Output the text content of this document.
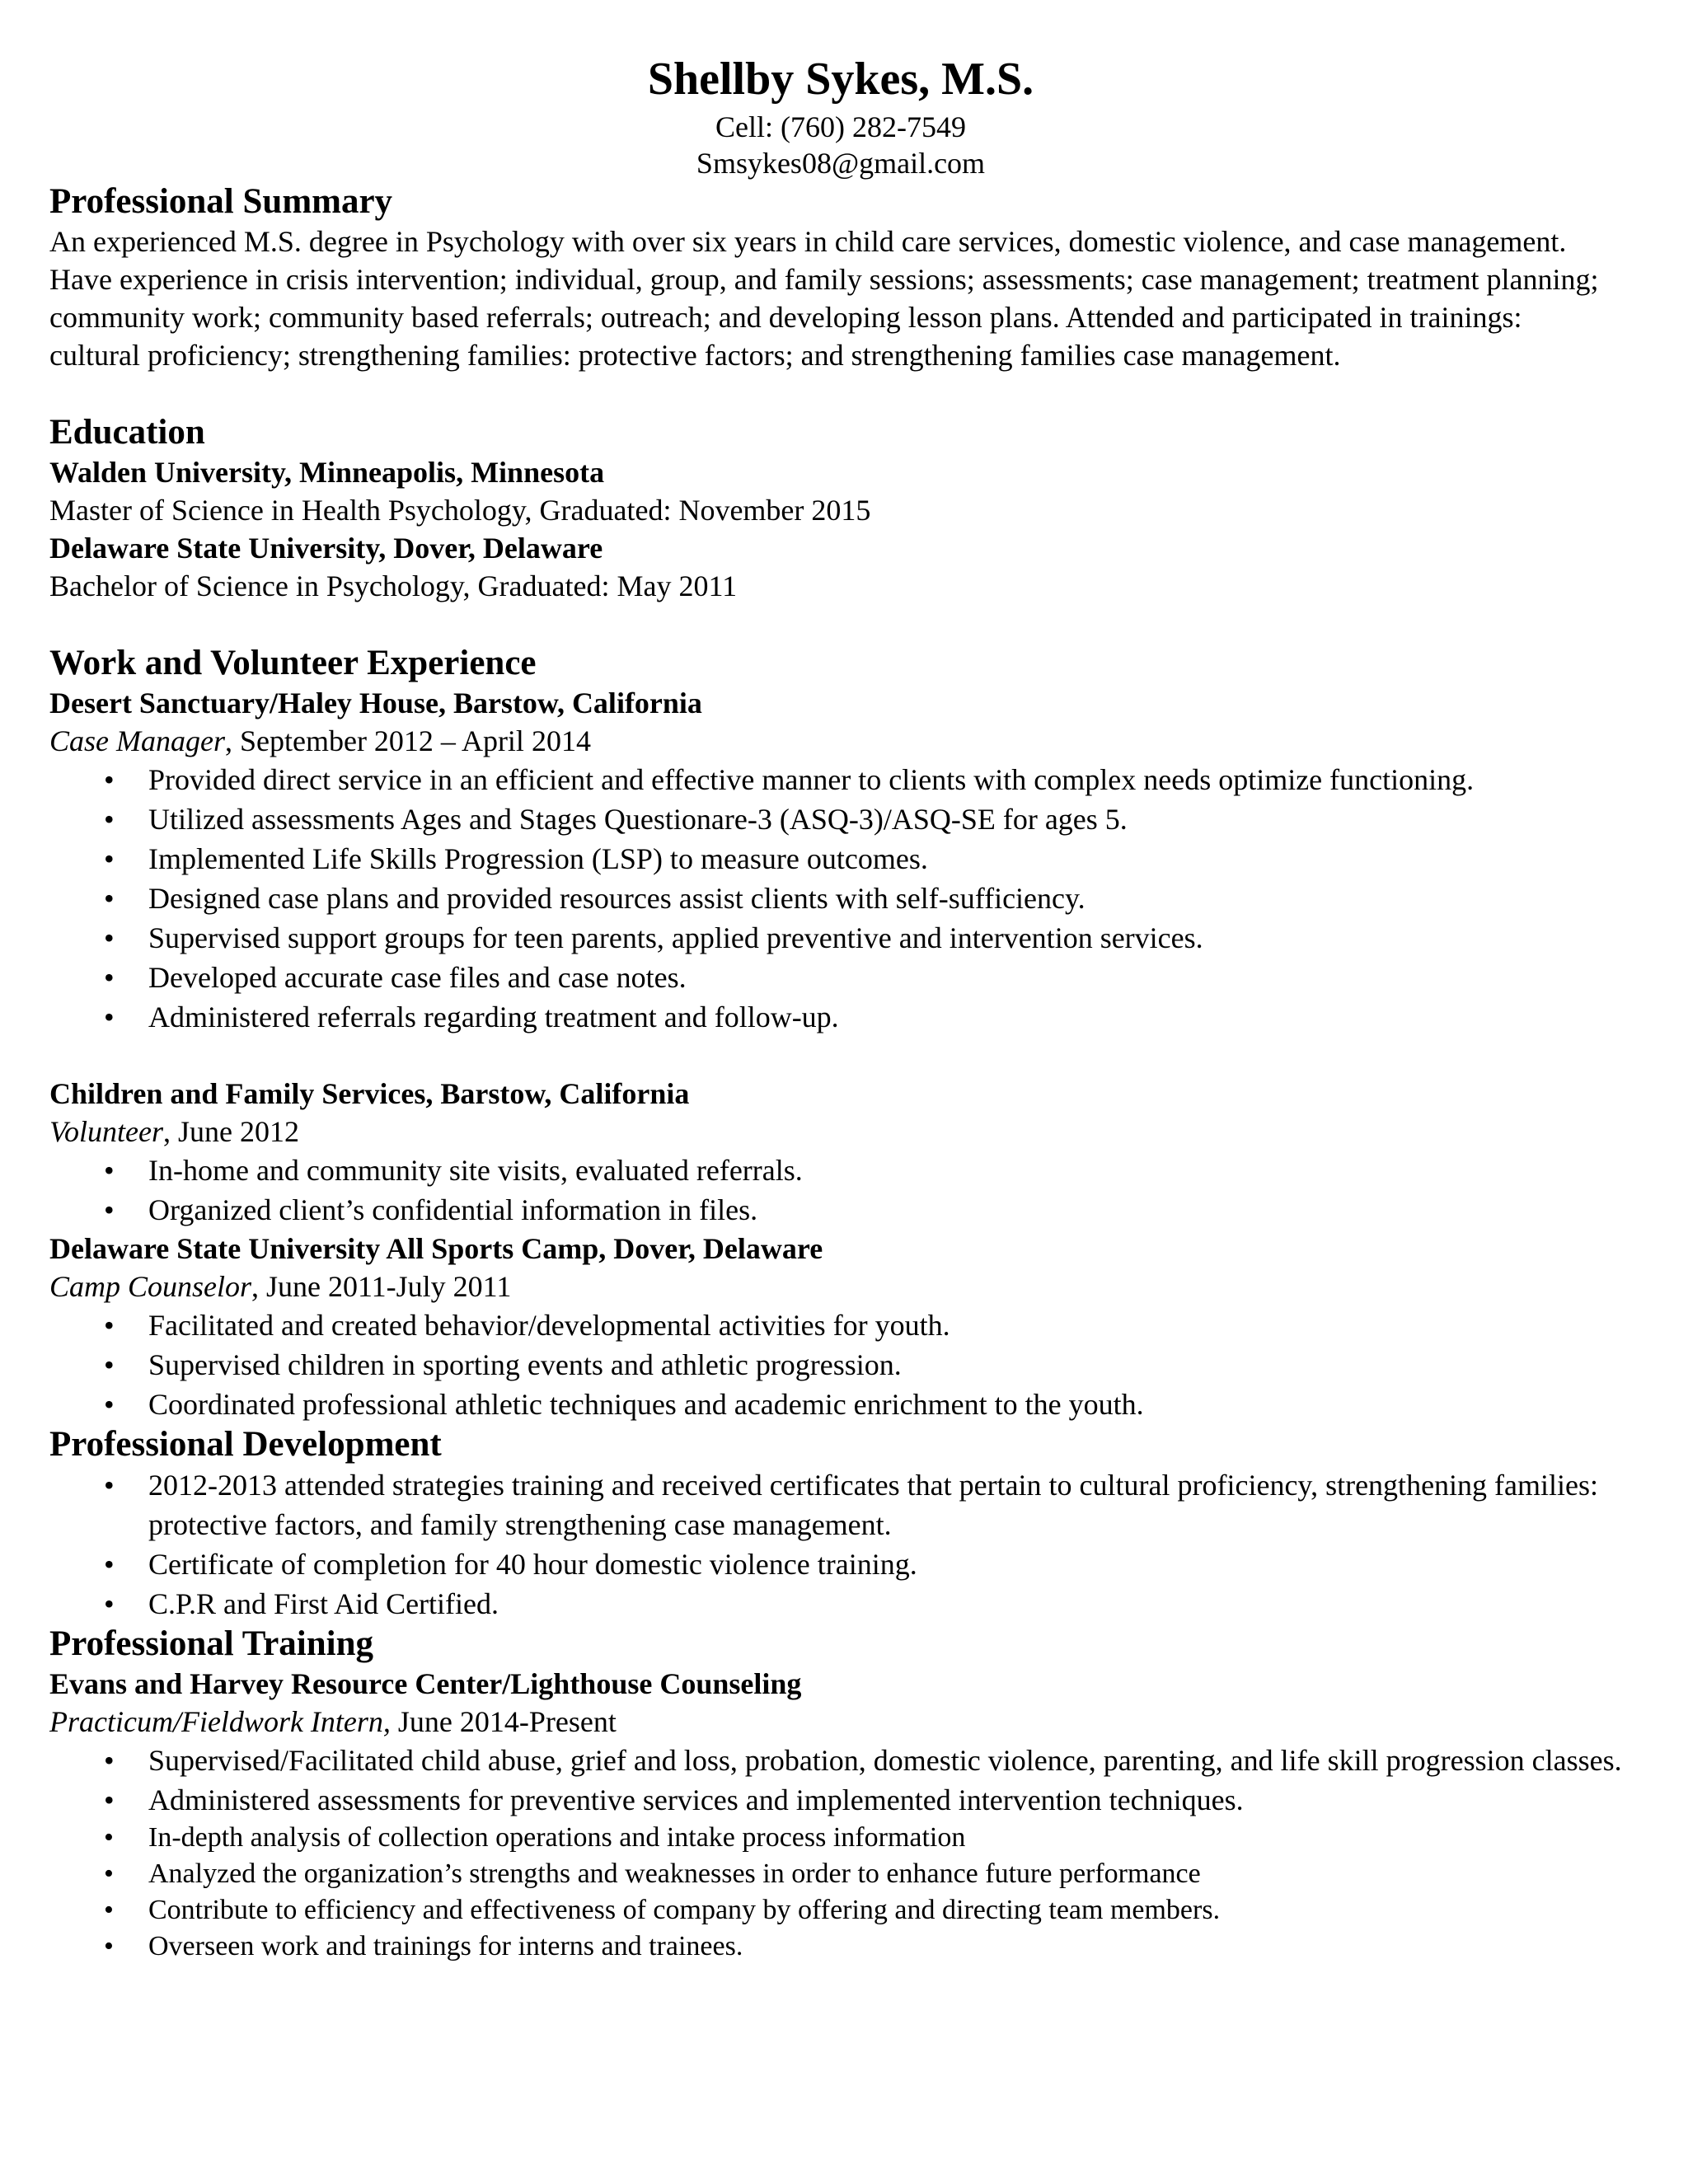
Shellby Sykes, M.S.

Cell: (760) 282-7549

Smsykes08@gmail.com

Professional Summary

An experienced M.S. degree in Psychology with over six years in child care services, domestic violence, and case management. Have experience in crisis intervention; individual, group, and family sessions; assessments; case management; treatment planning; community work; community based referrals; outreach; and developing lesson plans. Attended and participated in trainings: cultural proficiency; strengthening families: protective factors; and strengthening families case management.

Education

Walden University, Minneapolis, Minnesota

Master of Science in Health Psychology, Graduated: November 2015

Delaware State University, Dover, Delaware

Bachelor of Science in Psychology, Graduated: May 2011

Work and Volunteer Experience

Desert Sanctuary/Haley House, Barstow, California

Case Manager, September 2012 – April 2014

• Provided direct service in an efficient and effective manner to clients with complex needs optimize functioning.
• Utilized assessments Ages and Stages Questionare-3 (ASQ-3)/ASQ-SE for ages 5.
• Implemented Life Skills Progression (LSP) to measure outcomes.
• Designed case plans and provided resources assist clients with self-sufficiency.
• Supervised support groups for teen parents, applied preventive and intervention services.
• Developed accurate case files and case notes.
• Administered referrals regarding treatment and follow-up.

Children and Family Services, Barstow, California

Volunteer, June 2012

• In-home and community site visits, evaluated referrals.
• Organized client’s confidential information in files.

Delaware State University All Sports Camp, Dover, Delaware

Camp Counselor, June 2011-July 2011

• Facilitated and created behavior/developmental activities for youth.
• Supervised children in sporting events and athletic progression.
• Coordinated professional athletic techniques and academic enrichment to the youth.

Professional Development

• 2012-2013 attended strategies training and received certificates that pertain to cultural proficiency, strengthening families: protective factors, and family strengthening case management.
• Certificate of completion for 40 hour domestic violence training.
• C.P.R and First Aid Certified.

Professional Training

Evans and Harvey Resource Center/Lighthouse Counseling

Practicum/Fieldwork Intern, June 2014-Present

• Supervised/Facilitated child abuse, grief and loss, probation, domestic violence, parenting, and life skill progression classes.
• Administered assessments for preventive services and implemented intervention techniques.
• In-depth analysis of collection operations and intake process information
• Analyzed the organization’s strengths and weaknesses in order to enhance future performance
• Contribute to efficiency and effectiveness of company by offering and directing team members.
• Overseen work and trainings for interns and trainees.
